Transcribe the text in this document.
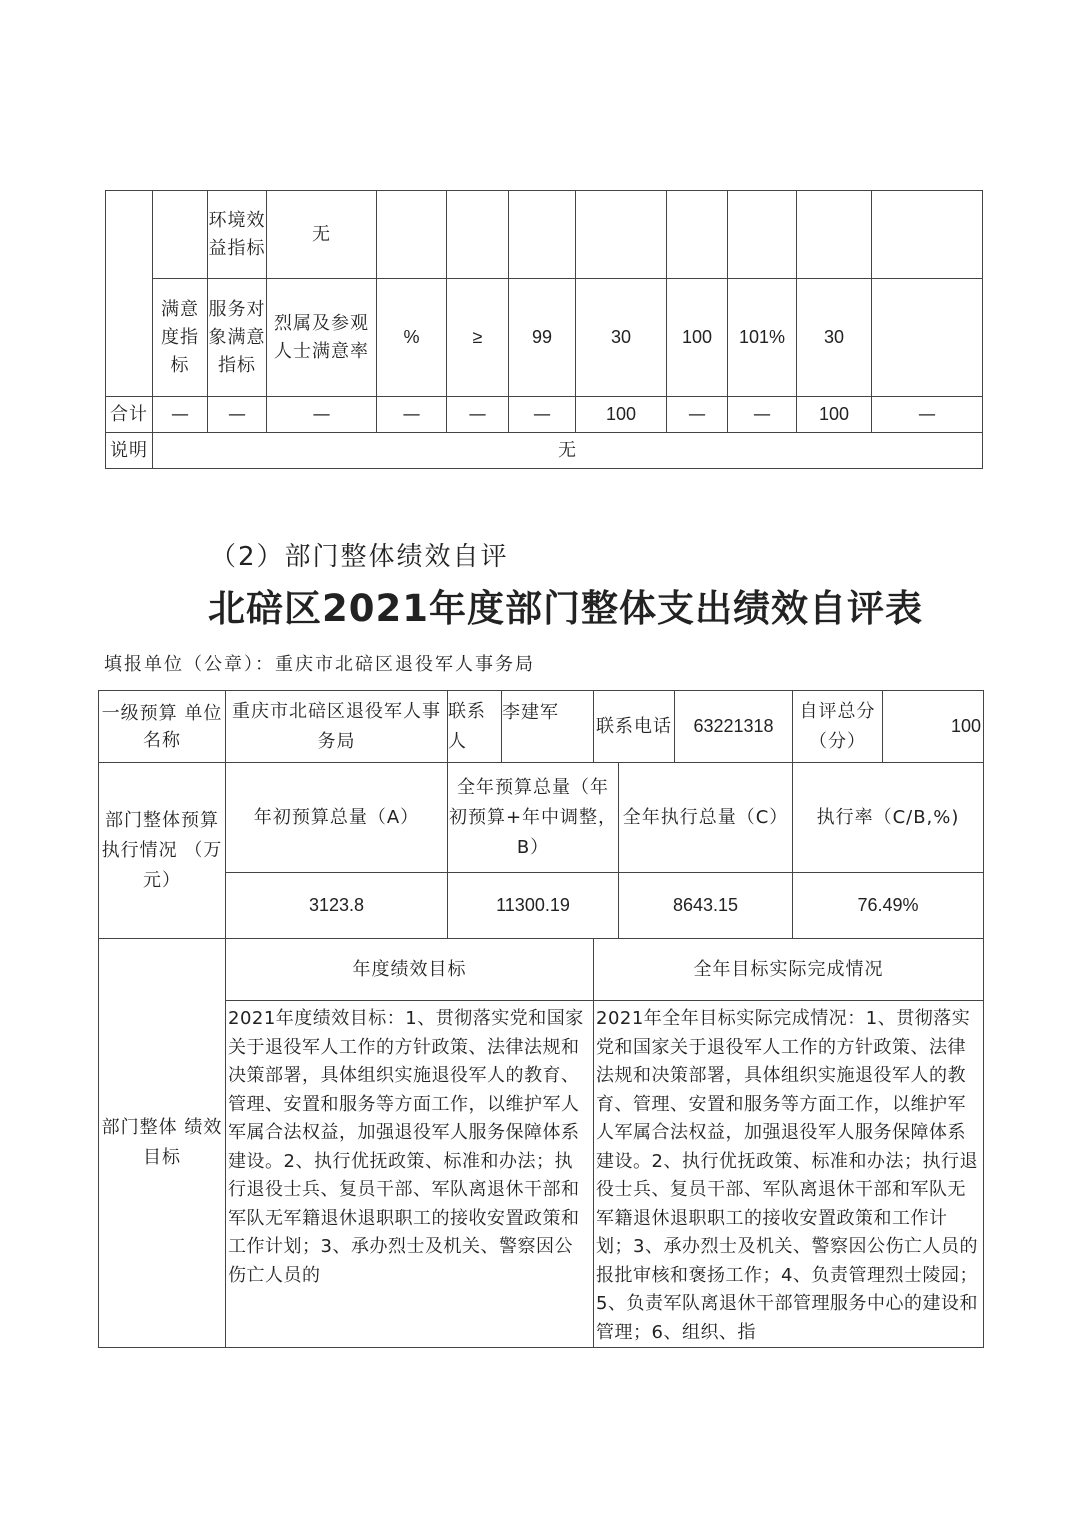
		环境效益指标	无								
	满意度指标	服务对象满意指标	烈属及参观人士满意率	%	≥	99	30	100	101%	30	
合计	—	—	—	—	—	—	100	—	—	100	—
说明	无										
（2）部门整体绩效自评
北碚区2021年度部门整体支出绩效自评表
填报单位（公章）：重庆市北碚区退役军人事务局
一级预算 单位名称	重庆市北碚区退役军人事务局	联系人	李建军	联系电话		63221318	自评总分（分）	100
部门整体预算执行情况 （万元）	年初预算总量（A）	全年预算总量（年初预算+年中调整，B）			全年执行总量（C）		执行率（C/B,%)	
	3123.8	11300.19			8643.15		76.49%	
部门整体 绩效目标	年度绩效目标			全年目标实际完成情况				
	2021年度绩效目标：1、贯彻落实党和国家关于退役军人工作的方针政策、法律法规和决策部署，具体组织实施退役军人的教育、管理、安置和服务等方面工作，以维护军人军属合法权益，加强退役军人服务保障体系建设。2、执行优抚政策、标准和办法；执行退役士兵、复员干部、军队离退休干部和军队无军籍退休退职职工的接收安置政策和工作计划；3、承办烈士及机关、警察因公伤亡人员的			2021年全年目标实际完成情况：1、贯彻落实党和国家关于退役军人工作的方针政策、法律法规和决策部署，具体组织实施退役军人的教育、管理、安置和服务等方面工作，以维护军人军属合法权益，加强退役军人服务保障体系建设。2、执行优抚政策、标准和办法；执行退役士兵、复员干部、军队离退休干部和军队无军籍退休退职职工的接收安置政策和工作计划；3、承办烈士及机关、警察因公伤亡人员的报批审核和褒扬工作；4、负责管理烈士陵园；5、负责军队离退休干部管理服务中心的建设和管理；6、组织、指				
